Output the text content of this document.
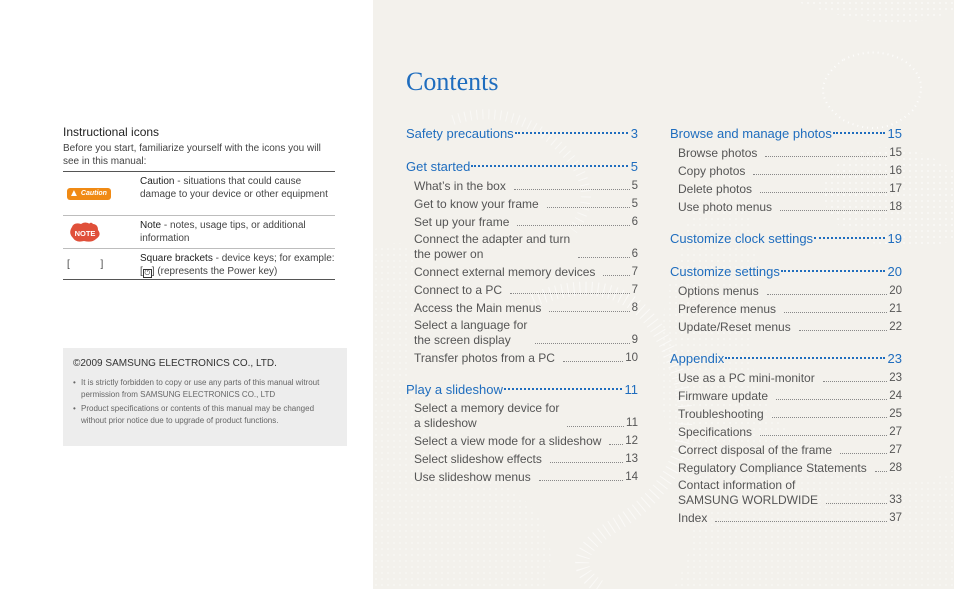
Instructional icons
Before you start, familiarize yourself with the icons you will see in this manual:
▲ Caution
Caution - situations that could cause damage to your device or other equipment
NOTE
Note - notes, usage tips, or additional information
[ ] Square brackets - device keys; for example: [ ⏻ ] (represents the Power key)
©2009 SAMSUNG ELECTRONICS CO., LTD.
• It is strictly forbidden to copy or use any parts of this manual witrout permission from SAMSUNG ELECTRONICS CO., LTD
• Product specifications or contents of this manual may be changed without prior notice due to upgrade of product functions.
Contents
Safety precautions	3
Get started	5
What’s in the box	5
Get to know your frame	5
Set up your frame	6
Connect the adapter and turn
the power on	6
Connect external memory devices	7
Connect to a PC	7
Access the Main menus	8
Select a language for
the screen display	9
Transfer photos from a PC	10
Play a slideshow	11
Select a memory device for
a slideshow	11
Select a view mode for a slideshow 12
Select slideshow effects	13
Use slideshow menus	14
Browse and manage photos	15
Browse photos	15
Copy photos	16
Delete photos	17
Use photo menus	18
Customize clock settings	19
Customize settings	20
Options menus	20
Preference menus	21
Update/Reset menus	22
Appendix	23
Use as a PC mini-monitor	23
Firmware update	24
Troubleshooting	25
Specifications	27
Correct disposal of the frame	27
Regulatory Compliance Statements 28
Contact information of
SAMSUNG WORLDWIDE	33
Index	37
